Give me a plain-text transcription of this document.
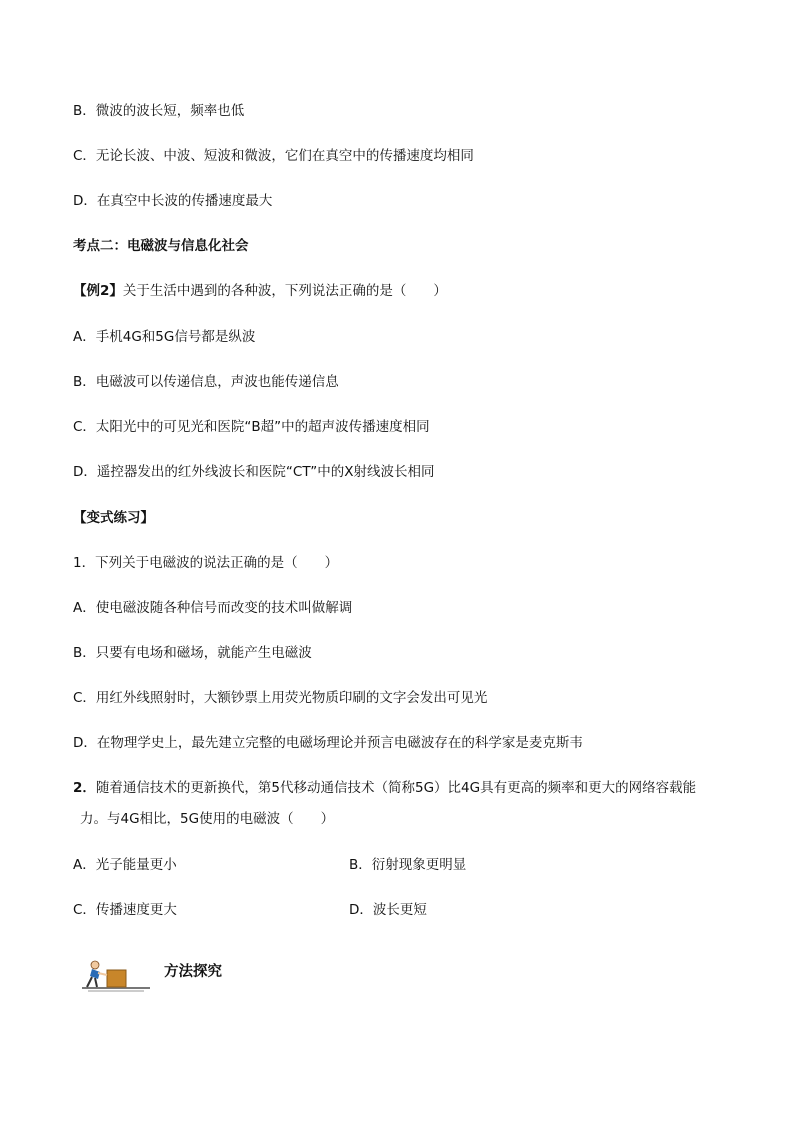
B．微波的波长短，频率也低
C．无论长波、中波、短波和微波，它们在真空中的传播速度均相同
D．在真空中长波的传播速度最大
考点二：电磁波与信息化社会
【例2】关于生活中遇到的各种波，下列说法正确的是（　　）
A．手机4G和5G信号都是纵波
B．电磁波可以传递信息，声波也能传递信息
C．太阳光中的可见光和医院“B超”中的超声波传播速度相同
D．遥控器发出的红外线波长和医院“CT”中的X射线波长相同
【变式练习】
1．下列关于电磁波的说法正确的是（　　）
A．使电磁波随各种信号而改变的技术叫做解调
B．只要有电场和磁场，就能产生电磁波
C．用红外线照射时，大额钞票上用荧光物质印刷的文字会发出可见光
D．在物理学史上，最先建立完整的电磁场理论并预言电磁波存在的科学家是麦克斯韦
2．随着通信技术的更新换代，第5代移动通信技术（简称5G）比4G具有更高的频率和更大的网络容载能
力。与4G相比，5G使用的电磁波（　　）
A．光子能量更小	B．衍射现象更明显
C．传播速度更大	D．波长更短
方法探究
